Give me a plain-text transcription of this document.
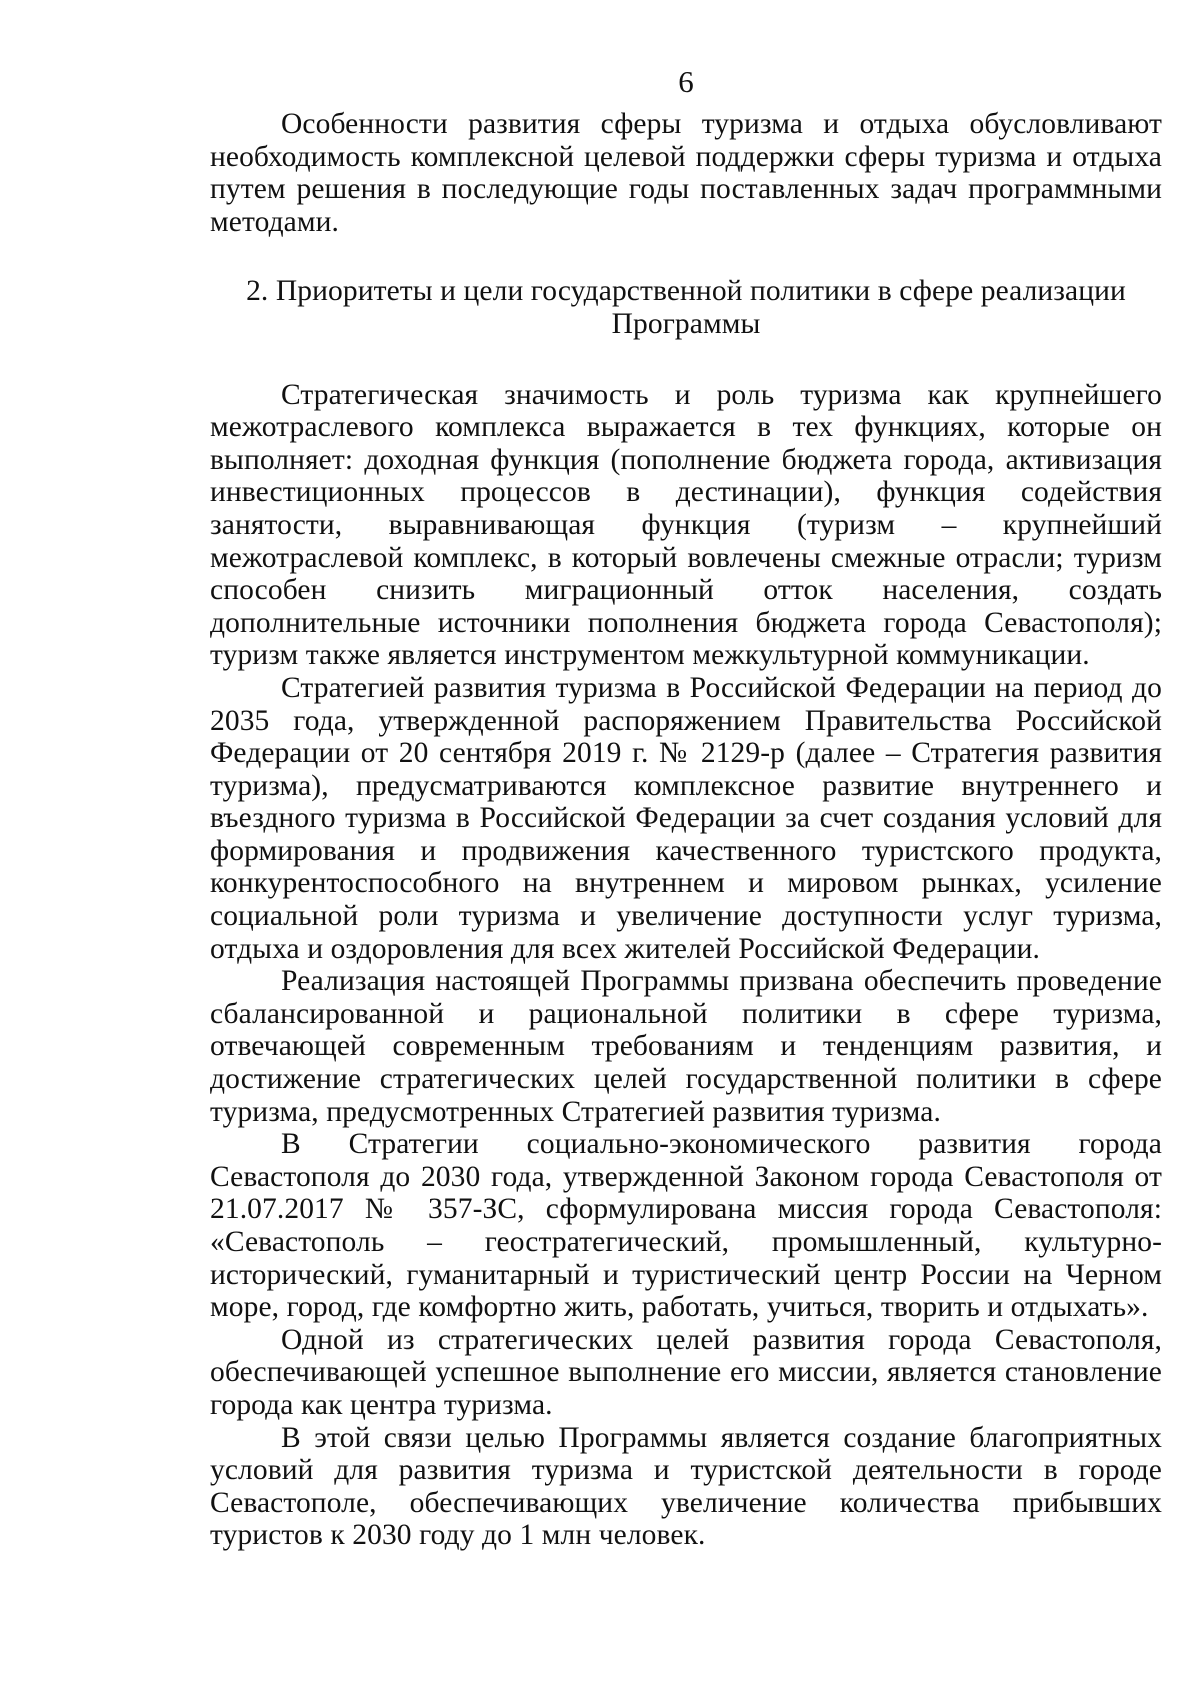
6

Особенности развития сферы туризма и отдыха обусловливают необходимость комплексной целевой поддержки сферы туризма и отдыха путем решения в последующие годы поставленных задач программными методами.

2. Приоритеты и цели государственной политики в сфере реализации
Программы

Стратегическая значимость и роль туризма как крупнейшего межотраслевого комплекса выражается в тех функциях, которые он выполняет: доходная функция (пополнение бюджета города, активизация инвестиционных процессов в дестинации), функция содействия занятости, выравнивающая функция (туризм – крупнейший межотраслевой комплекс, в который вовлечены смежные отрасли; туризм способен снизить миграционный отток населения, создать дополнительные источники пополнения бюджета города Севастополя); туризм также является инструментом межкультурной коммуникации.

Стратегией развития туризма в Российской Федерации на период до 2035 года, утвержденной распоряжением Правительства Российской Федерации от 20 сентября 2019 г. № 2129-р (далее – Стратегия развития туризма), предусматриваются комплексное развитие внутреннего и въездного туризма в Российской Федерации за счет создания условий для формирования и продвижения качественного туристского продукта, конкурентоспособного на внутреннем и мировом рынках, усиление социальной роли туризма и увеличение доступности услуг туризма, отдыха и оздоровления для всех жителей Российской Федерации.

Реализация настоящей Программы призвана обеспечить проведение сбалансированной и рациональной политики в сфере туризма, отвечающей современным требованиям и тенденциям развития, и достижение стратегических целей государственной политики в сфере туризма, предусмотренных Стратегией развития туризма.

В Стратегии социально-экономического развития города Севастополя до 2030 года, утвержденной Законом города Севастополя от 21.07.2017 № 357-ЗС, сформулирована миссия города Севастополя: «Севастополь – геостратегический, промышленный, культурно-исторический, гуманитарный и туристический центр России на Черном море, город, где комфортно жить, работать, учиться, творить и отдыхать».

Одной из стратегических целей развития города Севастополя, обеспечивающей успешное выполнение его миссии, является становление города как центра туризма.

В этой связи целью Программы является создание благоприятных условий для развития туризма и туристской деятельности в городе Севастополе, обеспечивающих увеличение количества прибывших туристов к 2030 году до 1 млн человек.
